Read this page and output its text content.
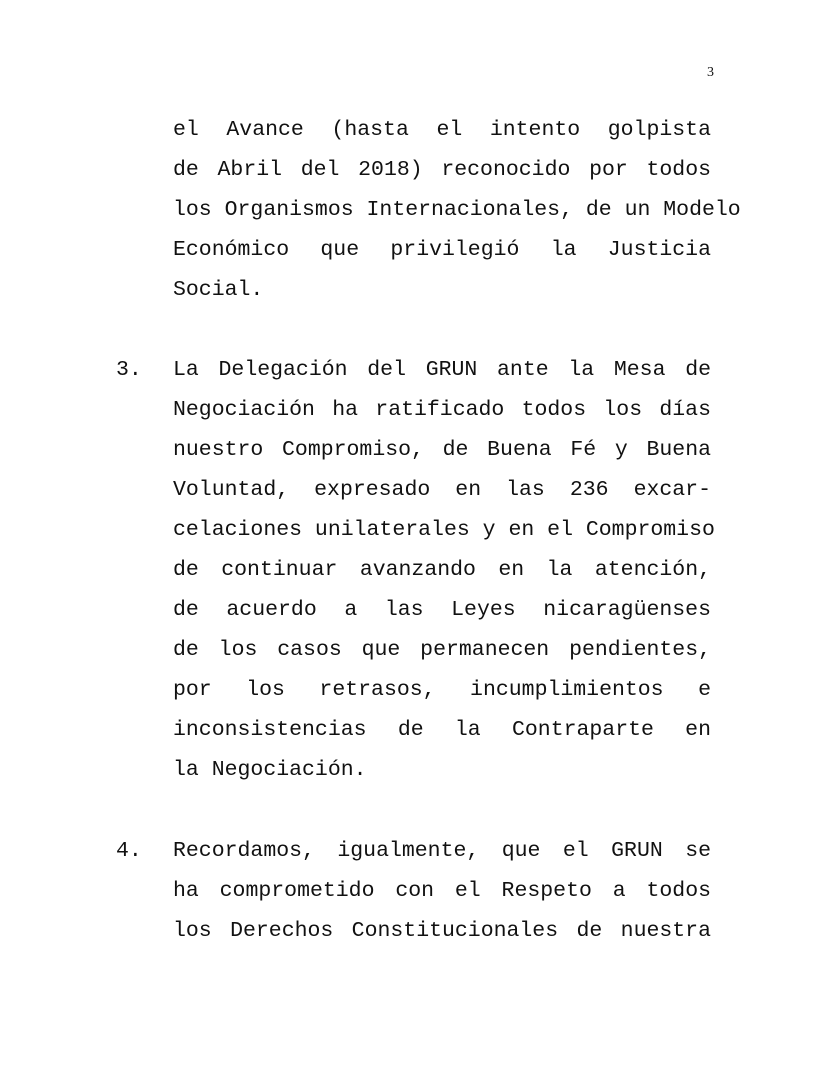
3
el Avance (hasta el intento golpista
de Abril del 2018) reconocido por todos
los Organismos Internacionales, de un Modelo
Económico que privilegió la Justicia
Social.
3. La Delegación del GRUN ante la Mesa de
Negociación ha ratificado todos los días
nuestro Compromiso, de Buena Fé y Buena
Voluntad, expresado en las 236 excar-
celaciones unilaterales y en el Compromiso
de continuar avanzando en la atención,
de acuerdo a las Leyes nicaragüenses
de los casos que permanecen pendientes,
por los retrasos, incumplimientos e
inconsistencias de la Contraparte en
la Negociación.
4. Recordamos, igualmente, que el GRUN se
ha comprometido con el Respeto a todos
los Derechos Constitucionales de nuestra
